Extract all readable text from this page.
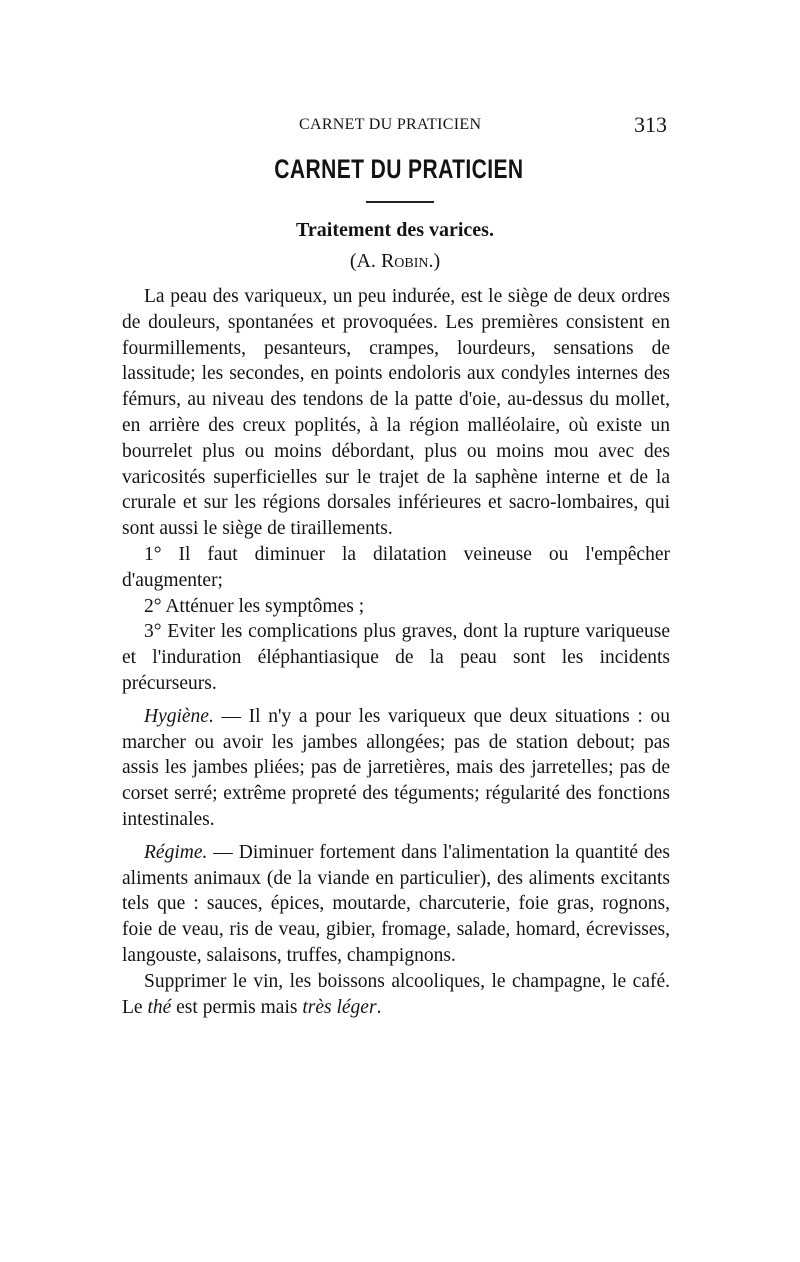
CARNET DU PRATICIEN	313
CARNET DU PRATICIEN
Traitement des varices.
(A. Robin.)

La peau des variqueux, un peu indurée, est le siège de deux ordres de douleurs, spontanées et provoquées. Les premières consistent en fourmillements, pesanteurs, crampes, lourdeurs, sensations de lassitude; les secondes, en points endoloris aux condyles internes des fémurs, au niveau des tendons de la patte d'oie, au-dessus du mollet, en arrière des creux poplités, à la région malléolaire, où existe un bourrelet plus ou moins débordant, plus ou moins mou avec des varicosités superficielles sur le trajet de la saphène interne et de la crurale et sur les régions dorsales inférieures et sacro-lombaires, qui sont aussi le siège de tiraillements.

1° Il faut diminuer la dilatation veineuse ou l'empêcher d'augmenter;

2° Atténuer les symptômes ;

3° Eviter les complications plus graves, dont la rupture variqueuse et l'induration éléphantiasique de la peau sont les incidents précurseurs.

Hygiène. — Il n'y a pour les variqueux que deux situations : ou marcher ou avoir les jambes allongées; pas de station debout; pas assis les jambes pliées; pas de jarretières, mais des jarretelles; pas de corset serré; extrême propreté des téguments; régularité des fonctions intestinales.

Régime. — Diminuer fortement dans l'alimentation la quantité des aliments animaux (de la viande en particulier), des aliments excitants tels que : sauces, épices, moutarde, charcuterie, foie gras, rognons, foie de veau, ris de veau, gibier, fromage, salade, homard, écrevisses, langouste, salaisons, truffes, champignons.

Supprimer le vin, les boissons alcooliques, le champagne, le café. Le thé est permis mais très léger.
